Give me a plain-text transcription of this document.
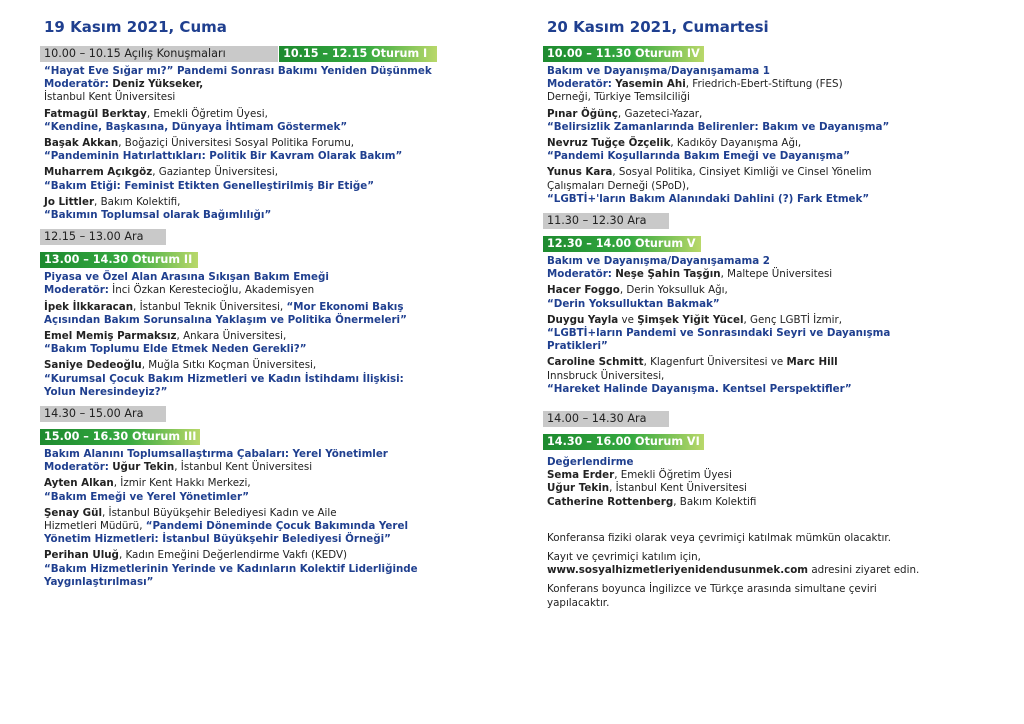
19 Kasım 2021, Cuma
10.00 – 10.15 Açılış Konuşmaları	10.15 – 12.15 Oturum I
“Hayat Eve Sığar mı?” Pandemi Sonrası Bakımı Yeniden Düşünmek
Moderatör: Deniz Yükseker,
İstanbul Kent Üniversitesi
Fatmagül Berktay, Emekli Öğretim Üyesi,
“Kendine, Başkasına, Dünyaya İhtimam Göstermek”
Başak Akkan, Boğaziçi Üniversitesi Sosyal Politika Forumu,
“Pandeminin Hatırlattıkları: Politik Bir Kavram Olarak Bakım”
Muharrem Açıkgöz, Gaziantep Üniversitesi,
“Bakım Etiği: Feminist Etikten Genelleştirilmiş Bir Etiğe”
Jo Littler, Bakım Kolektifi,
“Bakımın Toplumsal olarak Bağımlılığı”
12.15 – 13.00 Ara
13.00 – 14.30 Oturum II
Piyasa ve Özel Alan Arasına Sıkışan Bakım Emeği
Moderatör: İnci Özkan Kerestecioğlu, Akademisyen
İpek İlkkaracan, İstanbul Teknik Üniversitesi, “Mor Ekonomi Bakış
Açısından Bakım Sorunsalına Yaklaşım ve Politika Önermeleri”
Emel Memiş Parmaksız, Ankara Üniversitesi,
“Bakım Toplumu Elde Etmek Neden Gerekli?”
Saniye Dedeoğlu, Muğla Sıtkı Koçman Üniversitesi,
“Kurumsal Çocuk Bakım Hizmetleri ve Kadın İstihdamı İlişkisi:
Yolun Neresindeyiz?”
14.30 – 15.00 Ara
15.00 – 16.30 Oturum III
Bakım Alanını Toplumsallaştırma Çabaları: Yerel Yönetimler
Moderatör: Uğur Tekin, İstanbul Kent Üniversitesi
Ayten Alkan, İzmir Kent Hakkı Merkezi,
“Bakım Emeği ve Yerel Yönetimler”
Şenay Gül, İstanbul Büyükşehir Belediyesi Kadın ve Aile
Hizmetleri Müdürü, “Pandemi Döneminde Çocuk Bakımında Yerel
Yönetim Hizmetleri: İstanbul Büyükşehir Belediyesi Örneği”
Perihan Uluğ, Kadın Emeğini Değerlendirme Vakfı (KEDV)
“Bakım Hizmetlerinin Yerinde ve Kadınların Kolektif Liderliğinde
Yaygınlaştırılması”
20 Kasım 2021, Cumartesi
10.00 – 11.30 Oturum IV
Bakım ve Dayanışma/Dayanışamama 1
Moderatör: Yasemin Ahi, Friedrich-Ebert-Stiftung (FES)
Derneği, Türkiye Temsilciliği
Pınar Öğünç, Gazeteci-Yazar,
“Belirsizlik Zamanlarında Belirenler: Bakım ve Dayanışma”
Nevruz Tuğçe Özçelik, Kadıköy Dayanışma Ağı,
“Pandemi Koşullarında Bakım Emeği ve Dayanışma”
Yunus Kara, Sosyal Politika, Cinsiyet Kimliği ve Cinsel Yönelim
Çalışmaları Derneği (SPoD),
“LGBTİ+'ların Bakım Alanındaki Dahlini (?) Fark Etmek”
11.30 – 12.30 Ara
12.30 – 14.00 Oturum V
Bakım ve Dayanışma/Dayanışamama 2
Moderatör: Neşe Şahin Taşğın, Maltepe Üniversitesi
Hacer Foggo, Derin Yoksulluk Ağı,
“Derin Yoksulluktan Bakmak”
Duygu Yayla ve Şimşek Yiğit Yücel, Genç LGBTİ İzmir,
“LGBTİ+ların Pandemi ve Sonrasındaki Seyri ve Dayanışma
Pratikleri”
Caroline Schmitt, Klagenfurt Üniversitesi ve Marc Hill
Innsbruck Üniversitesi,
“Hareket Halinde Dayanışma. Kentsel Perspektifler”
14.00 – 14.30 Ara
14.30 – 16.00 Oturum VI
Değerlendirme
Sema Erder, Emekli Öğretim Üyesi
Uğur Tekin, İstanbul Kent Üniversitesi
Catherine Rottenberg, Bakım Kolektifi
Konferansa fiziki olarak veya çevrimiçi katılmak mümkün olacaktır.
Kayıt ve çevrimiçi katılım için,
www.sosyalhizmetleriyenidendusunmek.com adresini ziyaret edin.
Konferans boyunca İngilizce ve Türkçe arasında simultane çeviri
yapılacaktır.
